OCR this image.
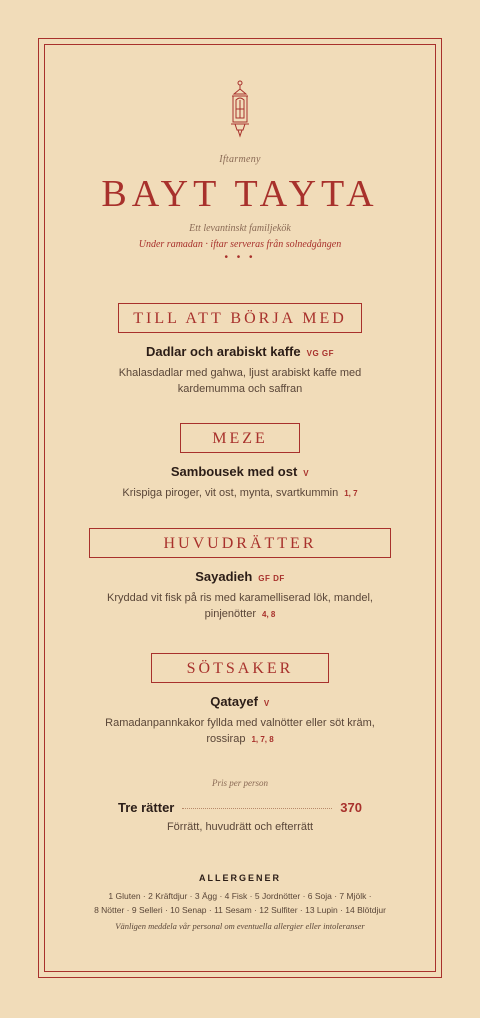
Iftarmeny
BAYT TAYTA
Ett levantinskt familjekök
Under ramadan · iftar serveras från solnedgången
• • •
TILL ATT BÖRJA MED
Dadlar och arabiskt kaffe VG GF
Khalasdadlar med gahwa, ljust arabiskt kaffe med kardemumma och saffran
MEZE
Sambousek med ost V
Krispiga piroger, vit ost, mynta, svartkummin 1, 7
HUVUDRÄTTER
Sayadieh GF DF
Kryddad vit fisk på ris med karamelliserad lök, mandel, pinjenötter 4, 8
SÖTSAKER
Qatayef V
Ramadanpannkakor fyllda med valnötter eller söt kräm, rossirap 1, 7, 8
Pris per person
Tre rätter	370
Förrätt, huvudrätt och efterrätt
ALLERGENER
1 Gluten · 2 Kräftdjur · 3 Ägg · 4 Fisk · 5 Jordnötter · 6 Soja · 7 Mjölk ·
8 Nötter · 9 Selleri · 10 Senap · 11 Sesam · 12 Sulfiter · 13 Lupin · 14 Blötdjur
Vänligen meddela vår personal om eventuella allergier eller intoleranser
